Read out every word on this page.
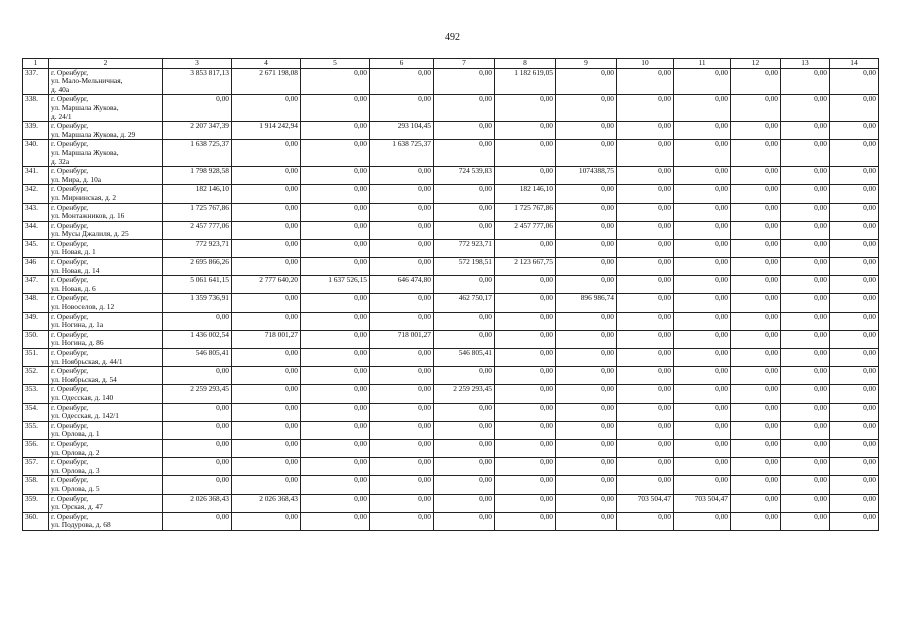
492
1	2	3	4	5	6	7	8	9	10	11	12	13	14
337.	г. Оренбург,
ул. Мало-Мельничная,
д. 40а	3 853 817,13	2 671 198,08	0,00	0,00	0,00	1 182 619,05	0,00	0,00	0,00	0,00	0,00	0,00
338.	г. Оренбург,
ул. Маршала Жукова,
д. 24/1	0,00	0,00	0,00	0,00	0,00	0,00	0,00	0,00	0,00	0,00	0,00	0,00
339.	г. Оренбург,
ул. Маршала Жукова, д. 29	2 207 347,39	1 914 242,94	0,00	293 104,45	0,00	0,00	0,00	0,00	0,00	0,00	0,00	0,00
340.	г. Оренбург,
ул. Маршала Жукова,
д. 32а	1 638 725,37	0,00	0,00	1 638 725,37	0,00	0,00	0,00	0,00	0,00	0,00	0,00	0,00
341.	г. Оренбург,
ул. Мира, д. 10а	1 798 928,58	0,00	0,00	0,00	724 539,83	0,00	1074388,75	0,00	0,00	0,00	0,00	0,00
342.	г. Оренбург,
ул. Мирнинская, д. 2	182 146,10	0,00	0,00	0,00	0,00	182 146,10	0,00	0,00	0,00	0,00	0,00	0,00
343.	г. Оренбург,
ул. Монтажников, д. 16	1 725 767,86	0,00	0,00	0,00	0,00	1 725 767,86	0,00	0,00	0,00	0,00	0,00	0,00
344.	г. Оренбург,
ул. Мусы Джалиля, д. 25	2 457 777,06	0,00	0,00	0,00	0,00	2 457 777,06	0,00	0,00	0,00	0,00	0,00	0,00
345.	г. Оренбург,
ул. Новая, д. 1	772 923,71	0,00	0,00	0,00	772 923,71	0,00	0,00	0,00	0,00	0,00	0,00	0,00
346	г. Оренбург,
ул. Новая, д. 14	2 695 866,26	0,00	0,00	0,00	572 198,51	2 123 667,75	0,00	0,00	0,00	0,00	0,00	0,00
347.	г. Оренбург,
ул. Новая, д. 6	5 061 641,15	2 777 640,20	1 637 526,15	646 474,80	0,00	0,00	0,00	0,00	0,00	0,00	0,00	0,00
348.	г. Оренбург,
ул. Новоселов, д. 12	1 359 736,91	0,00	0,00	0,00	462 750,17	0,00	896 986,74	0,00	0,00	0,00	0,00	0,00
349.	г. Оренбург,
ул. Ногина, д. 1а	0,00	0,00	0,00	0,00	0,00	0,00	0,00	0,00	0,00	0,00	0,00	0,00
350.	г. Оренбург,
ул. Ногина, д. 86	1 436 002,54	718 001,27	0,00	718 001,27	0,00	0,00	0,00	0,00	0,00	0,00	0,00	0,00
351.	г. Оренбург,
ул. Ноябрьская, д. 44/1	546 805,41	0,00	0,00	0,00	546 805,41	0,00	0,00	0,00	0,00	0,00	0,00	0,00
352.	г. Оренбург,
ул. Ноябрьская, д. 54	0,00	0,00	0,00	0,00	0,00	0,00	0,00	0,00	0,00	0,00	0,00	0,00
353.	г. Оренбург,
ул. Одесская, д. 140	2 259 293,45	0,00	0,00	0,00	2 259 293,45	0,00	0,00	0,00	0,00	0,00	0,00	0,00
354.	г. Оренбург,
ул. Одесская, д. 142/1	0,00	0,00	0,00	0,00	0,00	0,00	0,00	0,00	0,00	0,00	0,00	0,00
355.	г. Оренбург,
ул. Орлова, д. 1	0,00	0,00	0,00	0,00	0,00	0,00	0,00	0,00	0,00	0,00	0,00	0,00
356.	г. Оренбург,
ул. Орлова, д. 2	0,00	0,00	0,00	0,00	0,00	0,00	0,00	0,00	0,00	0,00	0,00	0,00
357.	г. Оренбург,
ул. Орлова, д. 3	0,00	0,00	0,00	0,00	0,00	0,00	0,00	0,00	0,00	0,00	0,00	0,00
358.	г. Оренбург,
ул. Орлова, д. 5	0,00	0,00	0,00	0,00	0,00	0,00	0,00	0,00	0,00	0,00	0,00	0,00
359.	г. Оренбург,
ул. Орская, д. 47	2 026 368,43	2 026 368,43	0,00	0,00	0,00	0,00	0,00	703 504,47	703 504,47	0,00	0,00	0,00
360.	г. Оренбург,
ул. Подурова, д. 68	0,00	0,00	0,00	0,00	0,00	0,00	0,00	0,00	0,00	0,00	0,00	0,00
